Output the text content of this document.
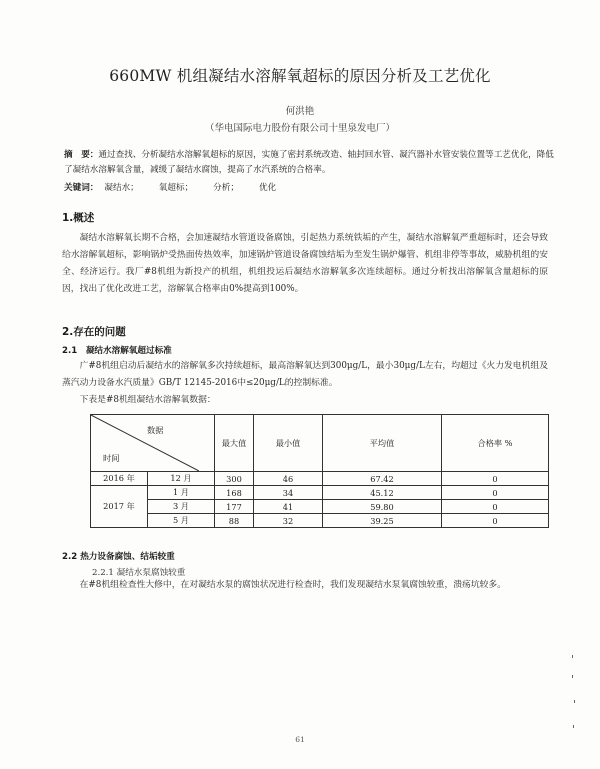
660MW 机组凝结水溶解氧超标的原因分析及工艺优化
何洪艳
（华电国际电力股份有限公司十里泉发电厂）
摘　要：通过查找、分析凝结水溶解氧超标的原因，实施了密封系统改造、轴封回水管、凝汽器补水管安装位置等工艺优化，降低了凝结水溶解氧含量，减缓了凝结水腐蚀，提高了水汽系统的合格率。
关键词： 凝结水； 氧超标； 分析； 优化
1.概述
凝结水溶解氧长期不合格，会加速凝结水管道设备腐蚀，引起热力系统铁垢的产生，凝结水溶解氧严重超标时，还会导致给水溶解氧超标，影响锅炉受热面传热效率，加速锅炉管道设备腐蚀结垢为至发生锅炉爆管、机组非停等事故，威胁机组的安全、经济运行。我厂#8机组为新投产的机组，机组投运后凝结水溶解氧多次连续超标。通过分析找出溶解氧含量超标的原因，找出了优化改进工艺，溶解氧合格率由0%提高到100%。
2.存在的问题
2.1　凝结水溶解氧超过标准
广#8机组启动后凝结水的溶解氧多次持续超标，最高溶解氧达到300μg/L，最小30μg/L左右，均超过《火力发电机组及蒸汽动力设备水汽质量》GB/T 12145-2016中≤20μg/L的控制标准。
下表是#8机组凝结水溶解氧数据：
数据
时间		最大值	最小值	平均值	合格率 %
2016 年	12 月	300	46	67.42	0
2017 年	1 月	168	34	45.12	0
	3 月	177	41	59.80	0
	5 月	88	32	39.25	0
2.2 热力设备腐蚀、结垢较重
2.2.1 凝结水泵腐蚀较重
在#8机组检查性大修中，在对凝结水泵的腐蚀状况进行检查时，我们发现凝结水泵氧腐蚀较重，溃疡坑较多。
61
